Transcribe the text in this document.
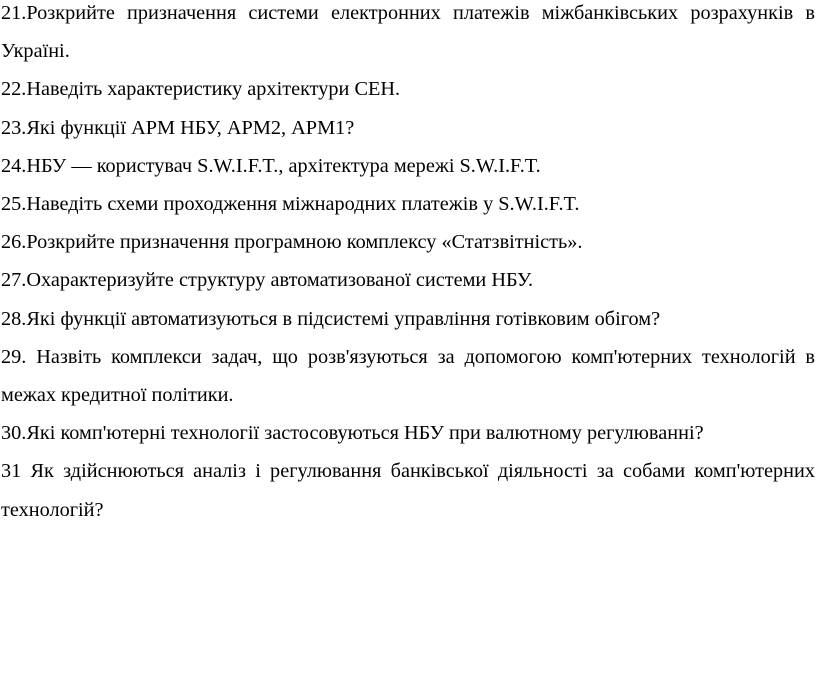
21.Розкрийте призначення системи електронних платежів міжбанківських розрахунків в Україні.

22.Наведіть характеристику архітектури СЕН.

23.Які функції АРМ НБУ, АРМ2, АРМ1?

24.НБУ — користувач S.W.I.F.T., архітектура мережі S.W.I.F.T.

25.Наведіть схеми проходження міжнародних платежів у S.W.I.F.T.

26.Розкрийте призначення програмною комплексу «Статзвітність».

27.Охарактеризуйте структуру автоматизованої системи НБУ.

28.Які функції автоматизуються в підсистемі управління готівковим обігом?

29. Назвіть комплекси задач, що розв'язуються за допомогою комп'ютерних технологій в межах кредитної політики.

30.Які комп'ютерні технології застосовуються НБУ при валютному регулюванні?

31 Як здійснюються аналіз і регулювання банківської діяльності за собами комп'ютерних технологій?
